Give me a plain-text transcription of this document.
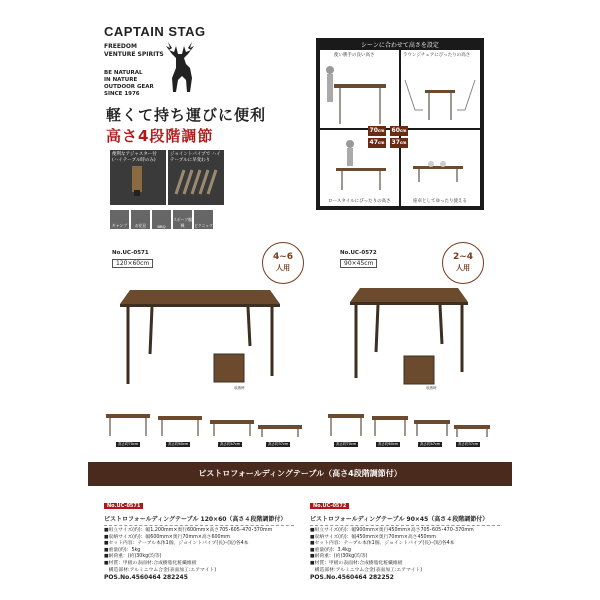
CAPTAIN STAG
FREEDOM
VENTURE SPIRITS
BE NATURAL
IN NATURE
OUTDOOR GEAR
SINCE 1976
軽くて持ち運びに便利
高さ4段階調節
便利なアジャスター付 (ハイテーブル時のみ)
ジョイントパイプで ハイテーブルに早変わり
キャンプ お花見	BBQ
スポーツ観戦	ピクニック
使い勝手の良い高さ	ラウンジチェアにぴったりの高さ
ロースタイルにぴったりの高さ	座卓としてゆったり使える
70cm 60cm
47cm 37cm
シーンに合わせて高さを設定
No.UC-0571
120×60cm
4~6
人用
収納時
高さ約70cm	高さ約60cm	高さ約47cm	高さ約37cm
No.UC-0572
90×45cm
2~4
人用
収納時
高さ約70cm	高さ約60cm	高さ約47cm	高さ約37cm
ピストロフォールディングテーブル（高さ4段階調節付）
No.UC-0571
ピストロフォールディングテーブル 120×60（高さ４段階調節付）
■組立サイズ(約)：幅1,200mm×奥行600mm×高さ705･605･470･370mm
■収納サイズ(約)：幅600mm×奥行70mm×高さ600mm
■セット内容：テーブル本体1個、ジョイントパイプ(長)･(短)各4本
■重量(約)：5kg
■耐荷重：(約)30kg(均等)
■材質：甲板の表面材:合成樹脂化粧繊維板
　構造部材:アルミニウム合金(表面加工:エアマイト)
POS.No.4560464 282245
No.UC-0572
ピストロフォールディングテーブル 90×45（高さ４段階調節付）
■組立サイズ(約)：幅900mm×奥行450mm×高さ705･605･470･370mm
■収納サイズ(約)：幅450mm×奥行70mm×高さ450mm
■セット内容：テーブル本体1個、ジョイントパイプ(長)･(短)各4本
■重量(約)：3.4kg
■耐荷重：(約)30kg(均等)
■材質：甲板の表面材:合成樹脂化粧繊維板
　構造部材:アルミニウム合金(表面加工:エアマイト)
POS.No.4560464 282252
